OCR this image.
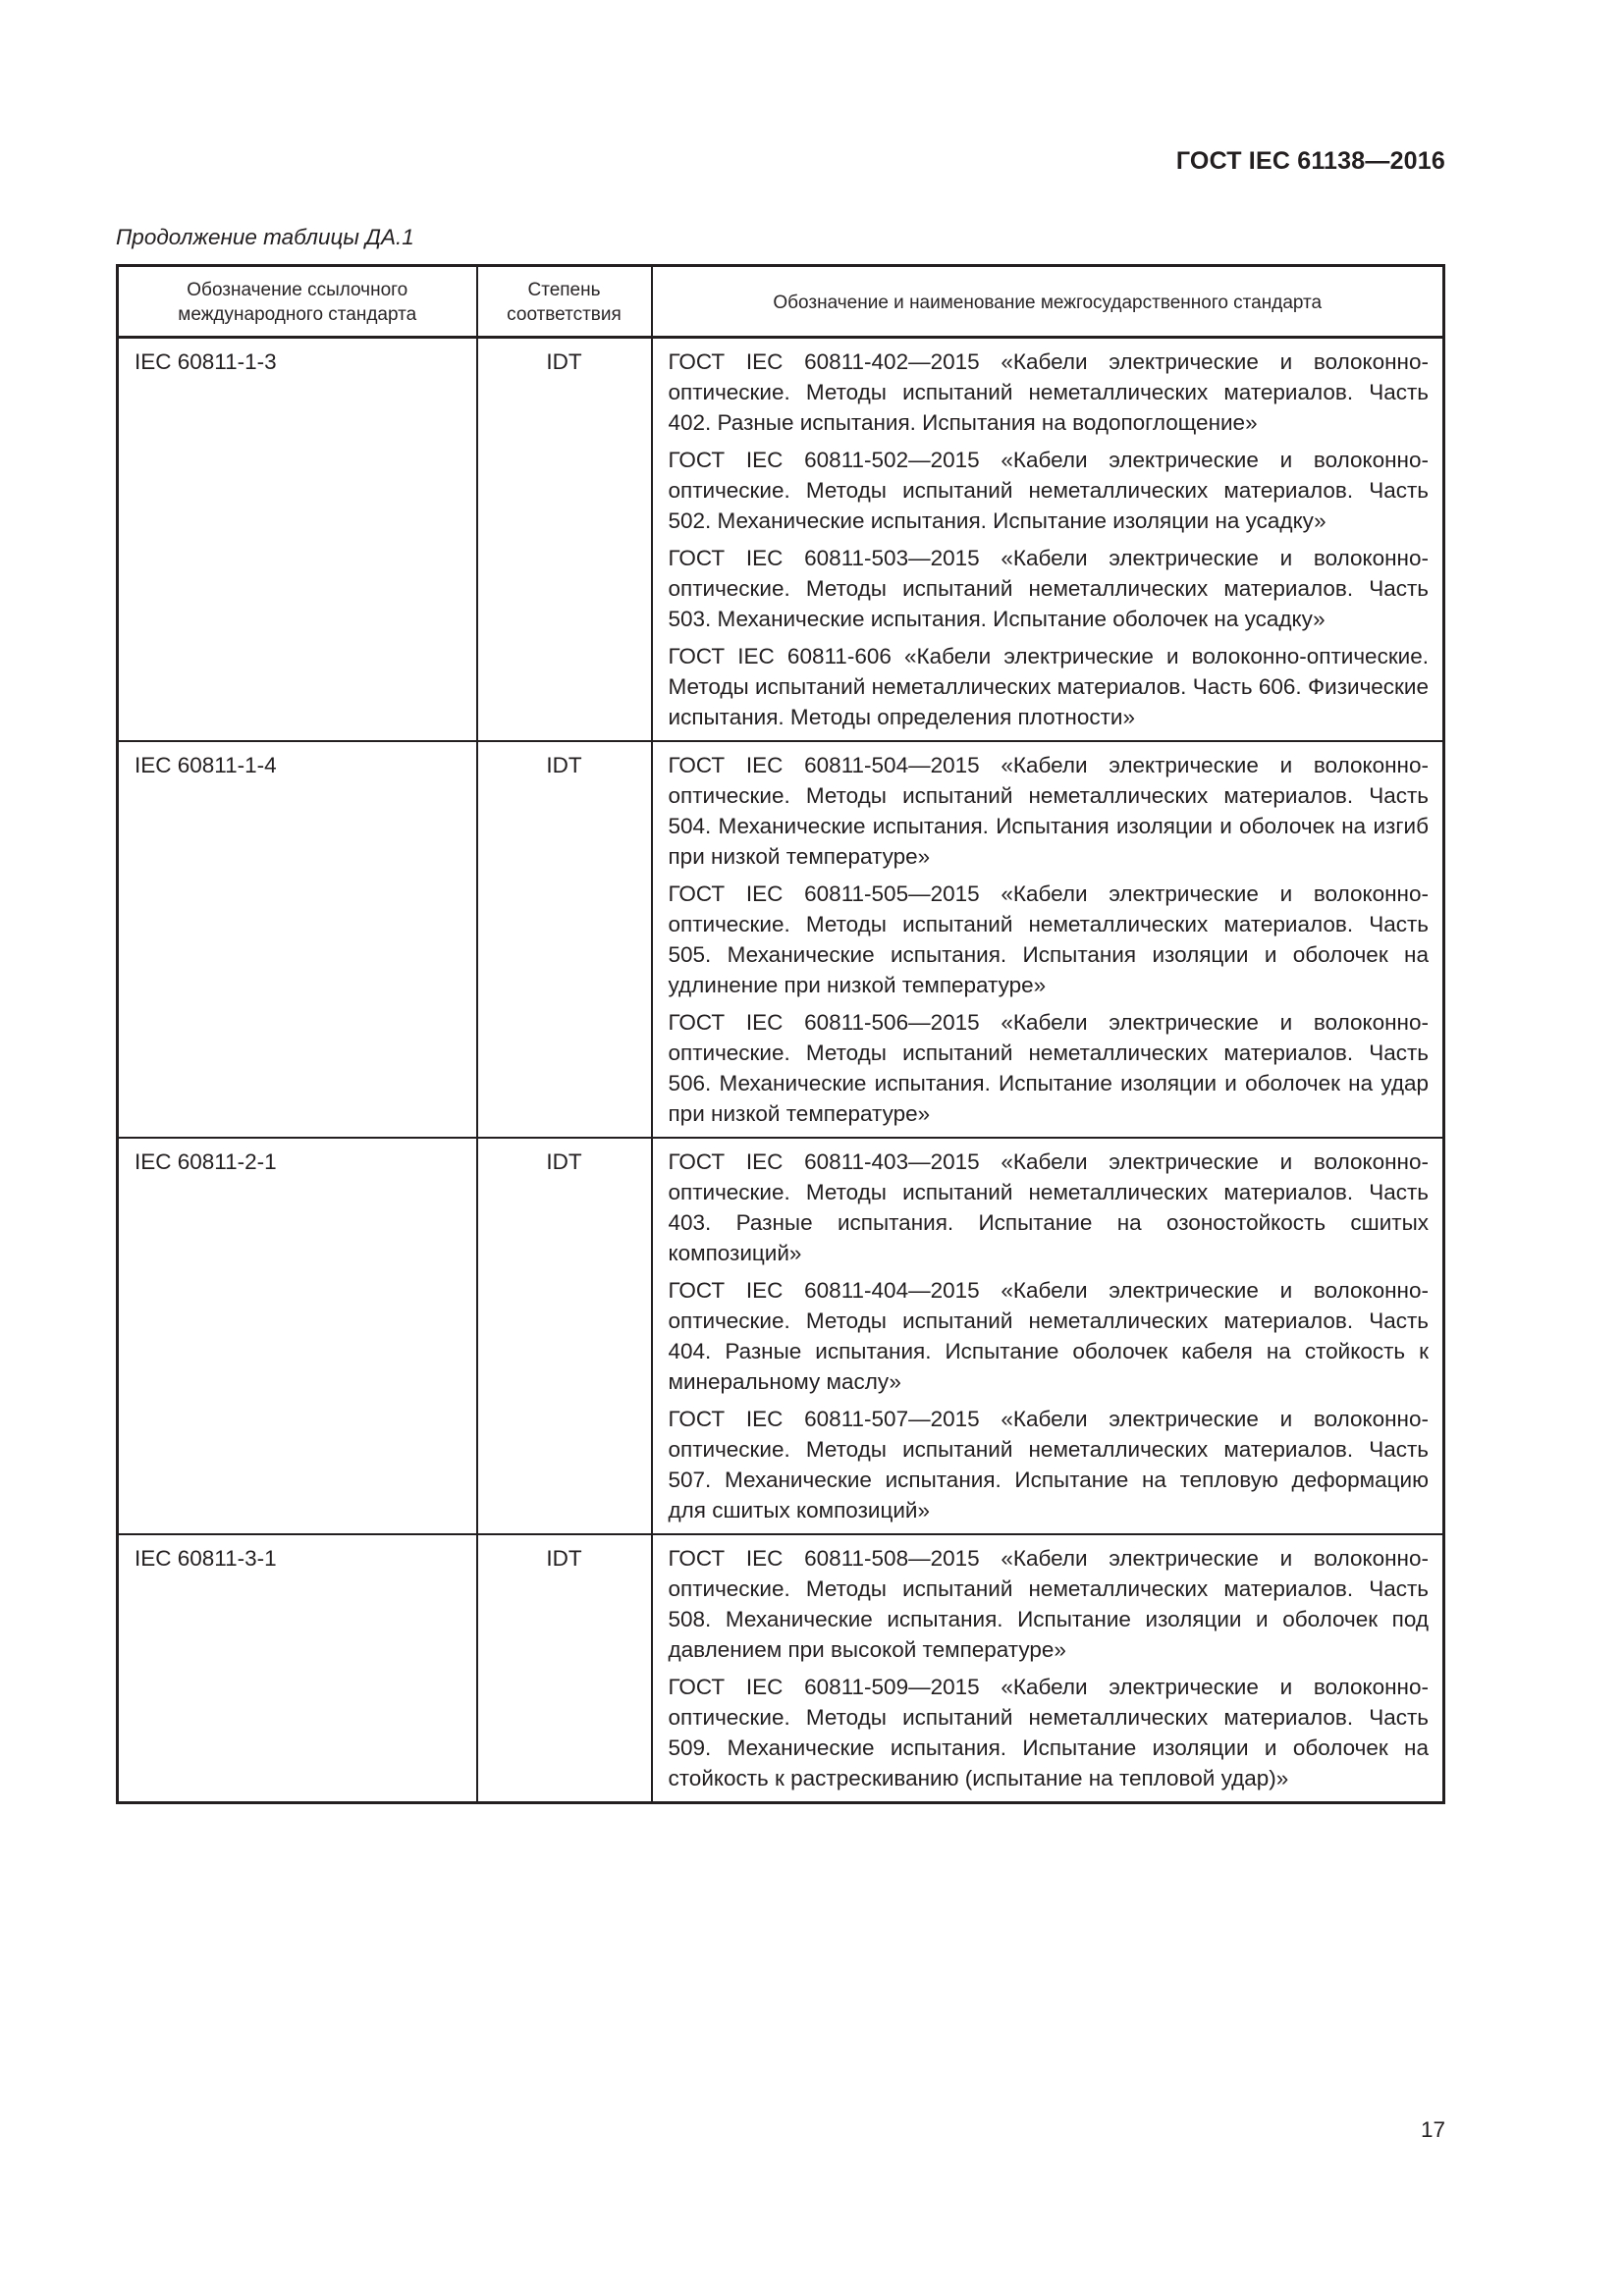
ГОСТ IEC 61138—2016

Продолжение таблицы ДА.1

Обозначение ссылочного международного стандарта	Степень соответствия	Обозначение и наименование межгосударственного стандарта
IEC 60811-1-3	IDT	ГОСТ IEC 60811-402—2015 «Кабели электрические и волоконно-оптические. Методы испытаний неметаллических материалов. Часть 402. Разные испытания. Испытания на водопоглощение»

ГОСТ IEC 60811-502—2015 «Кабели электрические и волоконно-оптические. Методы испытаний неметаллических материалов. Часть 502. Механические испытания. Испытание изоляции на усадку»

ГОСТ IEC 60811-503—2015 «Кабели электрические и волоконно-оптические. Методы испытаний неметаллических материалов. Часть 503. Механические испытания. Испытание оболочек на усадку»

ГОСТ IEC 60811-606 «Кабели электрические и волоконно-оптические. Методы испытаний неметаллических материалов. Часть 606. Физические испытания. Методы определения плотности»

IEC 60811-1-4	IDT	ГОСТ IEC 60811-504—2015 «Кабели электрические и волоконно-оптические. Методы испытаний неметаллических материалов. Часть 504. Механические испытания. Испытания изоляции и оболочек на изгиб при низкой температуре»

ГОСТ IEC 60811-505—2015 «Кабели электрические и волоконно-оптические. Методы испытаний неметаллических материалов. Часть 505. Механические испытания. Испытания изоляции и оболочек на удлинение при низкой температуре»

ГОСТ IEC 60811-506—2015 «Кабели электрические и волоконно-оптические. Методы испытаний неметаллических материалов. Часть 506. Механические испытания. Испытание изоляции и оболочек на удар при низкой температуре»

IEC 60811-2-1	IDT	ГОСТ IEC 60811-403—2015 «Кабели электрические и волоконно-оптические. Методы испытаний неметаллических материалов. Часть 403. Разные испытания. Испытание на озоностойкость сшитых композиций»

ГОСТ IEC 60811-404—2015 «Кабели электрические и волоконно-оптические. Методы испытаний неметаллических материалов. Часть 404. Разные испытания. Испытание оболочек кабеля на стойкость к минеральному маслу»

ГОСТ IEC 60811-507—2015 «Кабели электрические и волоконно-оптические. Методы испытаний неметаллических материалов. Часть 507. Механические испытания. Испытание на тепловую деформацию для сшитых композиций»

IEC 60811-3-1	IDT	ГОСТ IEC 60811-508—2015 «Кабели электрические и волоконно-оптические. Методы испытаний неметаллических материалов. Часть 508. Механические испытания. Испытание изоляции и оболочек под давлением при высокой температуре»

ГОСТ IEC 60811-509—2015 «Кабели электрические и волоконно-оптические. Методы испытаний неметаллических материалов. Часть 509. Механические испытания. Испытание изоляции и оболочек на стойкость к растрескиванию (испытание на тепловой удар)»

17
